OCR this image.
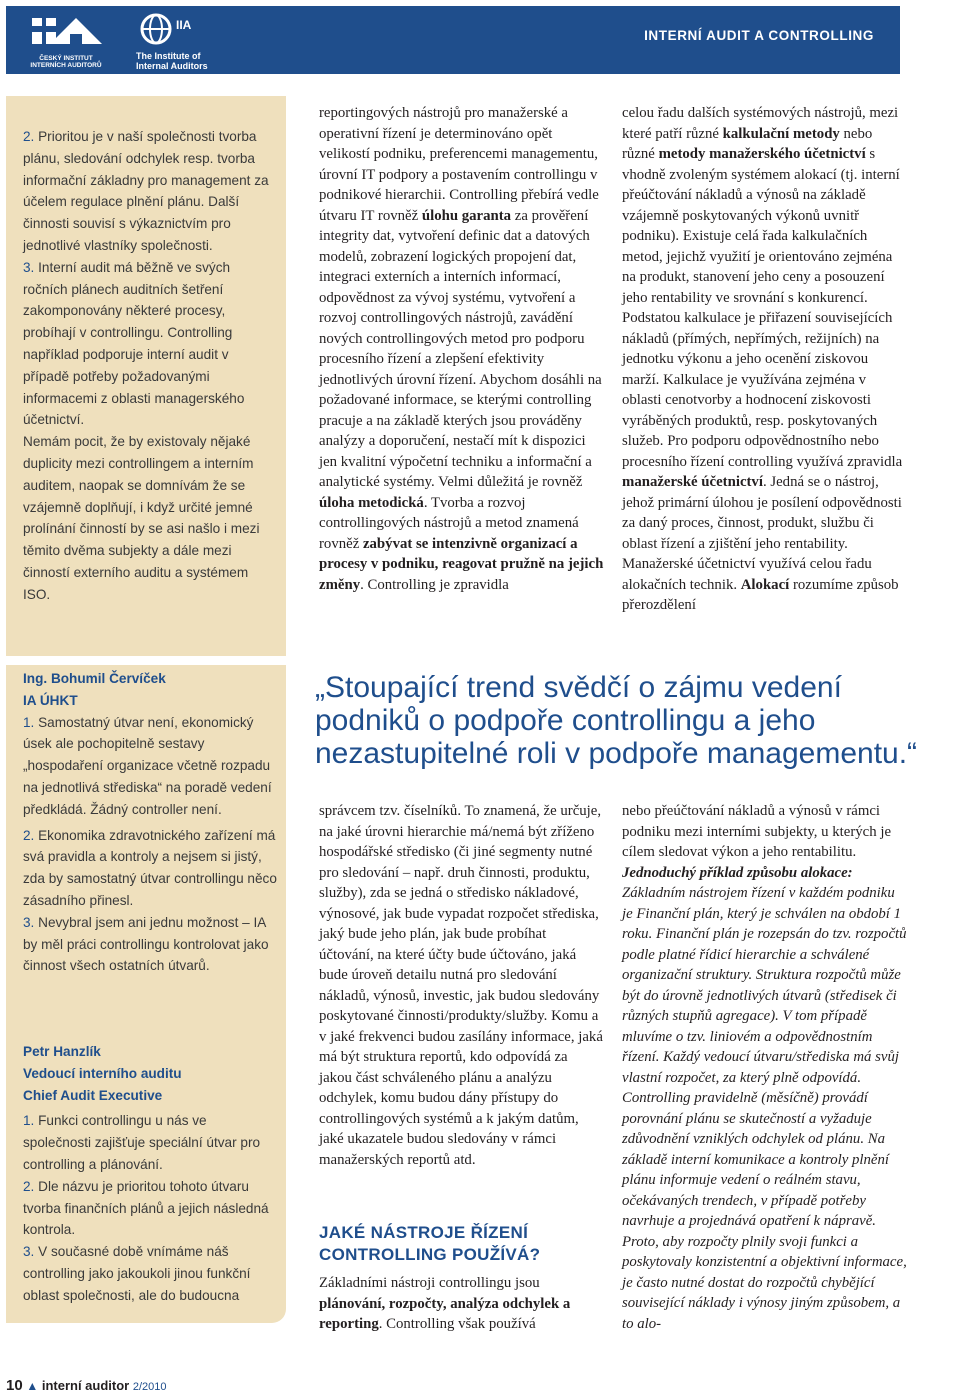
ČESKÝ INSTITUT
INTERNÍCH AUDITORŮ
IIA
The Institute of
Internal Auditors
INTERNÍ AUDIT A CONTROLLING

2. Prioritou je v naší společnosti tvorba plánu, sledování odchylek resp. tvorba informační základny pro management za účelem regulace plnění plánu. Další činnosti souvisí s výkaznictvím pro jednotlivé vlastníky společnosti.

3. Interní audit má běžně ve svých ročních plánech auditních šetření zakomponovány některé procesy, probíhají v controllingu. Controlling například podporuje interní audit v případě potřeby požadovanými informacemi z oblasti managerského účetnictví.

Nemám pocit, že by existovaly nějaké duplicity mezi controllingem a interním auditem, naopak se domnívám že se vzájemně doplňují, i když určité jemné prolínání činností by se asi našlo i mezi těmito dvěma subjekty a dále mezi činností externího auditu a systémem ISO.

Ing. Bohumil Červíček

IA ÚHKT

1. Samostatný útvar není, ekonomický úsek ale pochopitelně sestavy „hospodaření organizace včetně rozpadu na jednotlivá střediska“ na poradě vedení předkládá. Žádný controller není.

2. Ekonomika zdravotnického zařízení má svá pravidla a kontroly a nejsem si jistý, zda by samostatný útvar controllingu něco zásadního přinesl.

3. Nevybral jsem ani jednu možnost – IA by měl práci controllingu kontrolovat jako činnost všech ostatních útvarů.

Petr Hanzlík

Vedoucí interního auditu

Chief Audit Executive

1. Funkci controllingu u nás ve společnosti zajišťuje speciální útvar pro controlling a plánování.

2. Dle názvu je prioritou tohoto útvaru tvorba finančních plánů a jejich následná kontrola.

3. V současné době vnímáme náš controlling jako jakoukoli jinou funkční oblast společnosti, ale do budoucna

reportingových nástrojů pro manažerské a operativní řízení je determinováno opět velikostí podniku, preferencemi managementu, úrovní IT podpory a postavením controllingu v podnikové hierarchii. Controlling přebírá vedle útvaru IT rovněž úlohu garanta za prověření integrity dat, vytvoření definic dat a datových modelů, zobrazení logických propojení dat, integraci externích a interních informací, odpovědnost za vývoj systému, vytvoření a rozvoj controllingových nástrojů, zavádění nových controllingových metod pro podporu procesního řízení a zlepšení efektivity jednotlivých úrovní řízení. Abychom dosáhli na požadované informace, se kterými controlling pracuje a na základě kterých jsou prováděny analýzy a doporučení, nestačí mít k dispozici jen kvalitní výpočetní techniku a informační a analytické systémy. Velmi důležitá je rovněž úloha metodická. Tvorba a rozvoj controllingových nástrojů a metod znamená rovněž zabývat se intenzivně organizací a procesy v podniku, reagovat pružně na jejich změny. Controlling je zpravidla

celou řadu dalších systémových nástrojů, mezi které patří různé kalkulační metody nebo různé metody manažerského účetnictví s vhodně zvoleným systémem alokací (tj. interní přeúčtování nákladů a výnosů na základě vzájemně poskytovaných výkonů uvnitř podniku). Existuje celá řada kalkulačních metod, jejichž využití je orientováno zejména na produkt, stanovení jeho ceny a posouzení jeho rentability ve srovnání s konkurencí. Podstatou kalkulace je přiřazení souvisejících nákladů (přímých, nepřímých, režijních) na jednotku výkonu a jeho ocenění ziskovou marží. Kalkulace je využívána zejména v oblasti cenotvorby a hodnocení ziskovosti vyráběných produktů, resp. poskytovaných služeb. Pro podporu odpovědnostního nebo procesního řízení controlling využívá zpravidla manažerské účetnictví. Jedná se o nástroj, jehož primární úlohou je posílení odpovědnosti za daný proces, činnost, produkt, službu či oblast řízení a zjištění jeho rentability. Manažerské účetnictví využívá celou řadu alokačních technik. Alokací rozumíme způsob přerozdělení

„Stoupající trend svědčí o zájmu vedení podniků o podpoře controllingu a jeho nezastupitelné roli v podpoře managementu.“

správcem tzv. číselníků. To znamená, že určuje, na jaké úrovni hierarchie má/nemá být zříženo hospodářské středisko (či jiné segmenty nutné pro sledování – např. druh činnosti, produktu, služby), zda se jedná o středisko nákladové, výnosové, jak bude vypadat rozpočet střediska, jaký bude jeho plán, jak bude probíhat účtování, na které účty bude účtováno, jaká bude úroveň detailu nutná pro sledování nákladů, výnosů, investic, jak budou sledovány poskytované činnosti/produkty/služby. Komu a v jaké frekvenci budou zasílány informace, jaká má být struktura reportů, kdo odpovídá za jakou část schváleného plánu a analýzu odchylek, komu budou dány přístupy do controllingových systémů a k jakým datům, jaké ukazatele budou sledovány v rámci manažerských reportů atd.

JAKÉ NÁSTROJE ŘÍZENÍ CONTROLLING POUŽÍVÁ?

Základními nástroji controllingu jsou plánování, rozpočty, analýza odchylek a reporting. Controlling však používá

nebo přeúčtování nákladů a výnosů v rámci podniku mezi interními subjekty, u kterých je cílem sledovat výkon a jeho rentabilitu.

Jednoduchý příklad způsobu alokace:

Základním nástrojem řízení v každém podniku je Finanční plán, který je schválen na období 1 roku. Finanční plán je rozepsán do tzv. rozpočtů podle platné řídicí hierarchie a schválené organizační struktury. Struktura rozpočtů může být do úrovně jednotlivých útvarů (středisek či různých stupňů agregace). V tom případě mluvíme o tzv. liniovém a odpovědnostním řízení. Každý vedoucí útvaru/střediska má svůj vlastní rozpočet, za který plně odpovídá. Controlling pravidelně (měsíčně) provádí porovnání plánu se skutečností a vyžaduje zdůvodnění vzniklých odchylek od plánu. Na základě interní komunikace a kontroly plnění plánu informuje vedení o reálném stavu, očekávaných trendech, v případě potřeby navrhuje a projednává opatření k nápravě. Proto, aby rozpočty plnily svoji funkci a poskytovaly konzistentní a objektivní informace, je často nutné dostat do rozpočtů chybějící související náklady i výnosy jiným způsobem, a to alo-

10 ▲ interní auditor 2/2010
